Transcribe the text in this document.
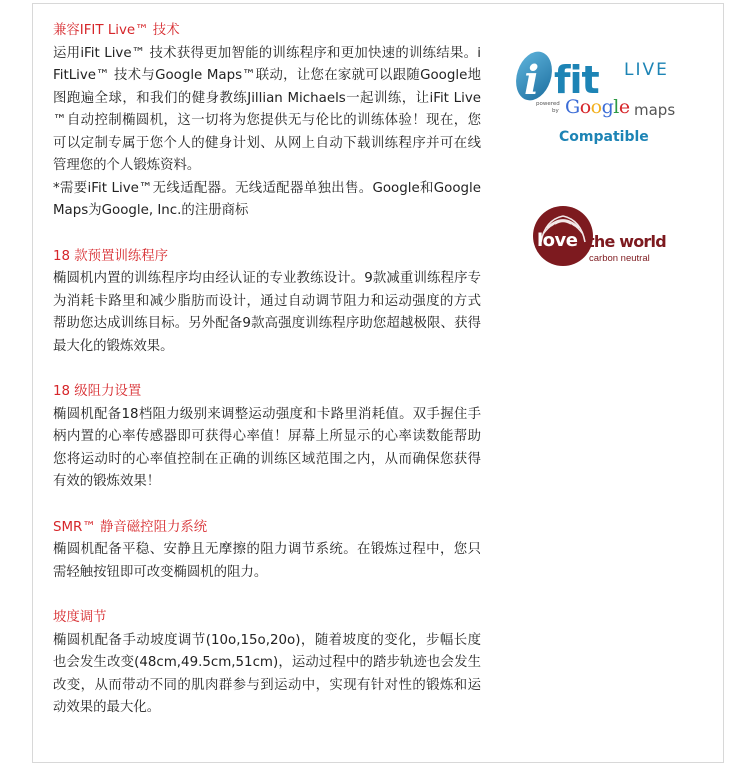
兼容IFIT Live™ 技术

运用iFit Live™ 技术获得更加智能的训练程序和更加快速的训练结果。iFitLive™ 技术与Google Maps™联动，让您在家就可以跟随Google地图跑遍全球，和我们的健身教练Jillian Michaels一起训练，让iFit Live™自动控制椭圆机，这一切将为您提供无与伦比的训练体验！现在，您可以定制专属于您个人的健身计划、从网上自动下载训练程序并可在线管理您的个人锻炼资料。

*需要iFit Live™无线适配器。无线适配器单独出售。Google和Google Maps为Google, Inc.的注册商标

18 款预置训练程序

椭圆机内置的训练程序均由经认证的专业教练设计。9款减重训练程序专为消耗卡路里和减少脂肪而设计，通过自动调节阻力和运动强度的方式帮助您达成训练目标。另外配备9款高强度训练程序助您超越极限、获得最大化的锻炼效果。

18 级阻力设置

椭圆机配备18档阻力级别来调整运动强度和卡路里消耗值。双手握住手柄内置的心率传感器即可获得心率值！屏幕上所显示的心率读数能帮助您将运动时的心率值控制在正确的训练区域范围之内，从而确保您获得有效的锻炼效果！

SMR™ 静音磁控阻力系统

椭圆机配备平稳、安静且无摩擦的阻力调节系统。在锻炼过程中，您只需轻触按钮即可改变椭圆机的阻力。

坡度调节

椭圆机配备手动坡度调节(10o,15o,20o)，随着坡度的变化，步幅长度也会发生改变(48cm,49.5cm,51cm)，运动过程中的踏步轨迹也会发生改变，从而带动不同的肌肉群参与到运动中，实现有针对性的锻炼和运动效果的最大化。

i fit LIVE
powered
by Google maps
Compatible
love the world
carbon neutral
